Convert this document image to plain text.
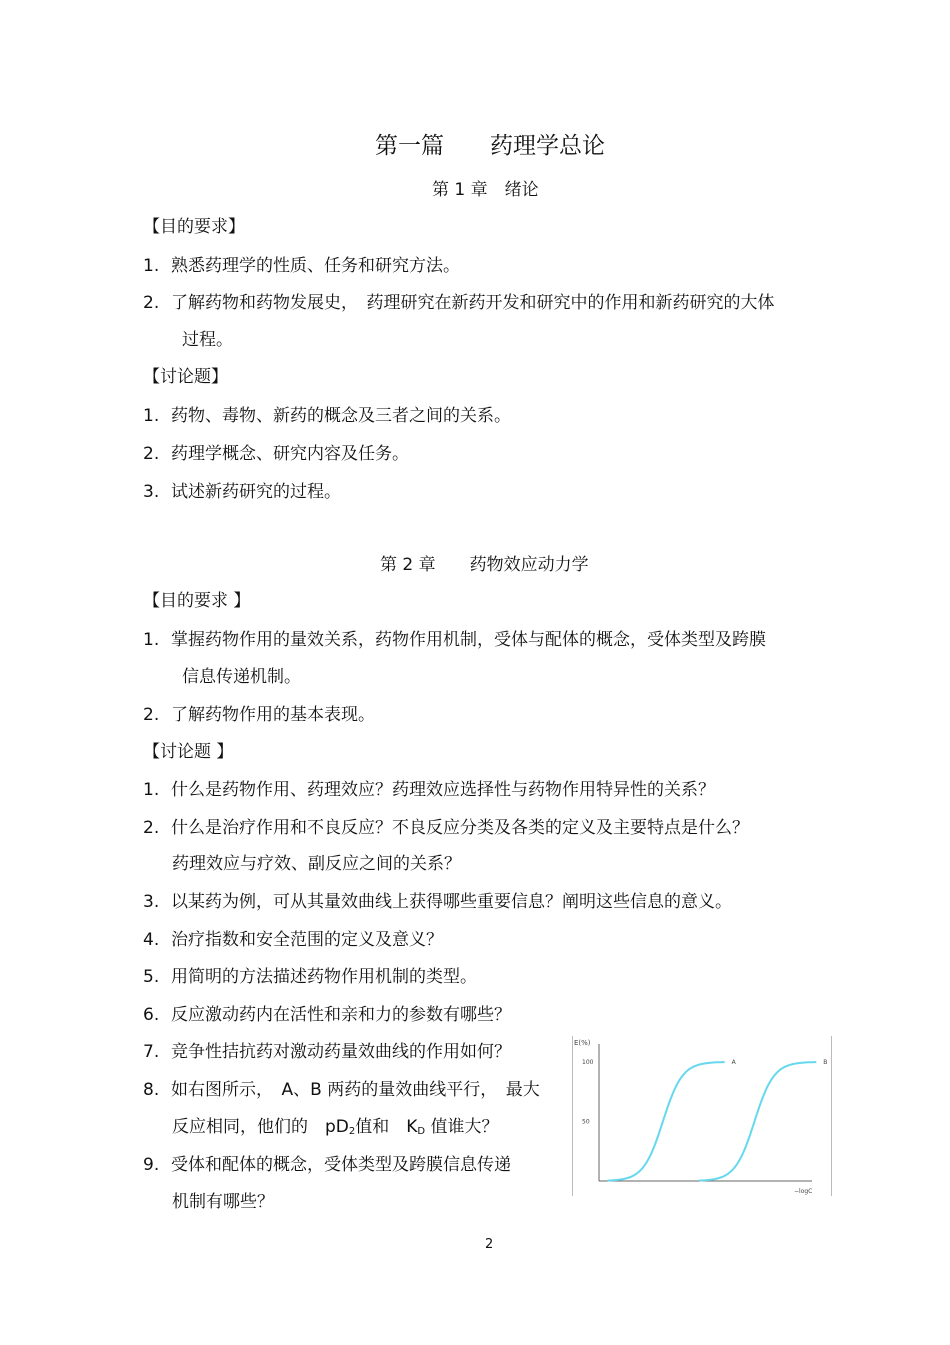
第一篇　　药理学总论
第 1 章　绪论
【目的要求】
1. 熟悉药理学的性质、任务和研究方法。
2. 了解药物和药物发展史，　药理研究在新药开发和研究中的作用和新药研究的大体
过程。
【讨论题】
1. 药物、毒物、新药的概念及三者之间的关系。
2. 药理学概念、研究内容及任务。
3. 试述新药研究的过程。
第 2 章　　药物效应动力学
【目的要求 】
1. 掌握药物作用的量效关系，药物作用机制，受体与配体的概念，受体类型及跨膜
信息传递机制。
2. 了解药物作用的基本表现。
【讨论题 】
1. 什么是药物作用、药理效应？药理效应选择性与药物作用特异性的关系？
2. 什么是治疗作用和不良反应？不良反应分类及各类的定义及主要特点是什么？
药理效应与疗效、副反应之间的关系？
3. 以某药为例，可从其量效曲线上获得哪些重要信息？阐明这些信息的意义。
4. 治疗指数和安全范围的定义及意义？
5. 用简明的方法描述药物作用机制的类型。
6. 反应激动药内在活性和亲和力的参数有哪些？
7. 竞争性拮抗药对激动药量效曲线的作用如何？
8. 如右图所示，　A、B 两药的量效曲线平行，　最大
反应相同，他们的　$pD_2$值和　$K_D$ 值谁大？
9. 受体和配体的概念，受体类型及跨膜信息传递
机制有哪些？
E(%)
−logC
100
50
A	B
2
